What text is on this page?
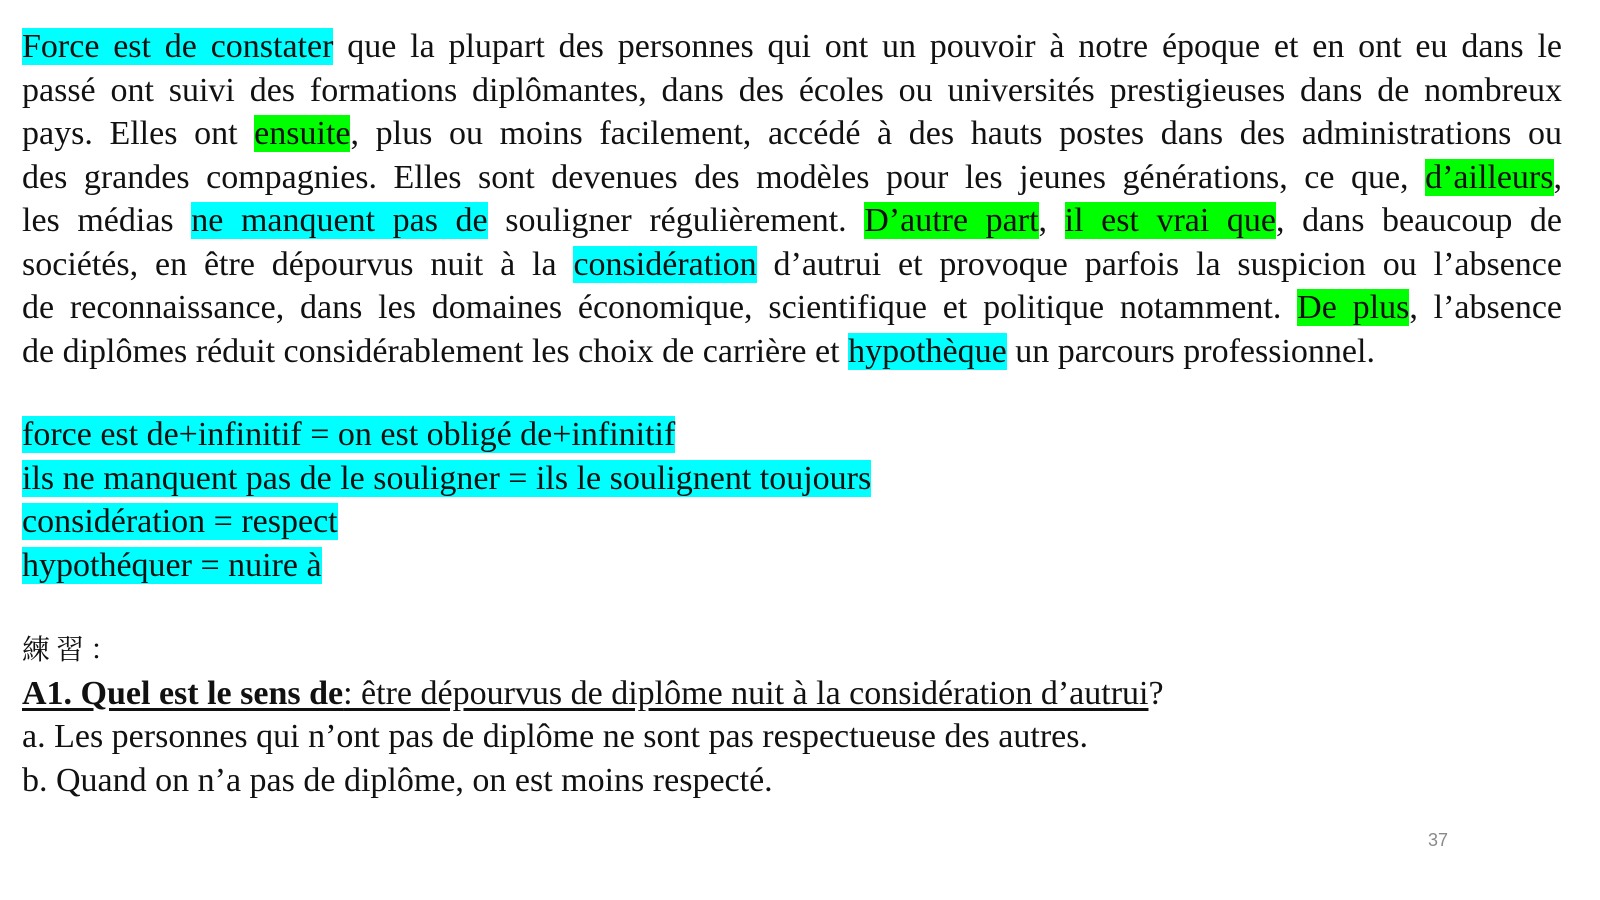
Force est de constater que la plupart des personnes qui ont un pouvoir à notre époque et en ont eu dans le
passé ont suivi des formations diplômantes, dans des écoles ou universités prestigieuses dans de nombreux
pays. Elles ont ensuite, plus ou moins facilement, accédé à des hauts postes dans des administrations ou
des grandes compagnies. Elles sont devenues des modèles pour les jeunes générations, ce que, d’ailleurs,
les médias ne manquent pas de souligner régulièrement. D’autre part, il est vrai que, dans beaucoup de
sociétés, en être dépourvus nuit à la considération d’autrui et provoque parfois la suspicion ou l’absence
de reconnaissance, dans les domaines économique, scientifique et politique notamment. De plus, l’absence
de diplômes réduit considérablement les choix de carrière et hypothèque un parcours professionnel.
force est de+infinitif = on est obligé de+infinitif
ils ne manquent pas de le souligner = ils le soulignent toujours
considération = respect
hypothéquer = nuire à
練習：
A1. Quel est le sens de: être dépourvus de diplôme nuit à la considération d’autrui?
a. Les personnes qui n’ont pas de diplôme ne sont pas respectueuse des autres.
b. Quand on n’a pas de diplôme, on est moins respecté.
37
